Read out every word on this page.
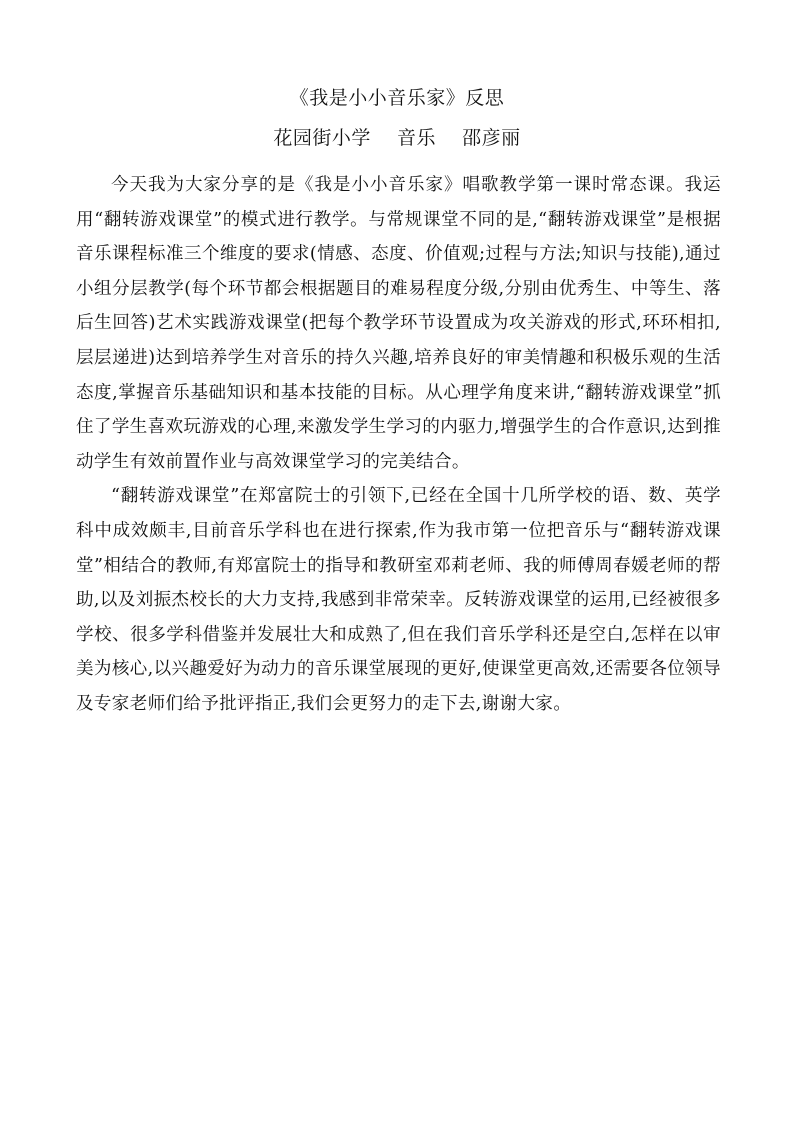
《我是小小音乐家》反思
花园街小学    音乐    邵彦丽

今天我为大家分享的是《我是小小音乐家》唱歌教学第一课时常态课。我运用“翻转游戏课堂”的模式进行教学。与常规课堂不同的是,“翻转游戏课堂”是根据音乐课程标准三个维度的要求(情感、态度、价值观;过程与方法;知识与技能),通过小组分层教学(每个环节都会根据题目的难易程度分级,分别由优秀生、中等生、落后生回答)艺术实践游戏课堂(把每个教学环节设置成为攻关游戏的形式,环环相扣,层层递进)达到培养学生对音乐的持久兴趣,培养良好的审美情趣和积极乐观的生活态度,掌握音乐基础知识和基本技能的目标。从心理学角度来讲,“翻转游戏课堂”抓住了学生喜欢玩游戏的心理,来激发学生学习的内驱力,增强学生的合作意识,达到推动学生有效前置作业与高效课堂学习的完美结合。

“翻转游戏课堂”在郑富院士的引领下,已经在全国十几所学校的语、数、英学科中成效颇丰,目前音乐学科也在进行探索,作为我市第一位把音乐与“翻转游戏课堂”相结合的教师,有郑富院士的指导和教研室邓莉老师、我的师傅周春媛老师的帮助,以及刘振杰校长的大力支持,我感到非常荣幸。反转游戏课堂的运用,已经被很多学校、很多学科借鉴并发展壮大和成熟了,但在我们音乐学科还是空白,怎样在以审美为核心,以兴趣爱好为动力的音乐课堂展现的更好,使课堂更高效,还需要各位领导及专家老师们给予批评指正,我们会更努力的走下去,谢谢大家。
